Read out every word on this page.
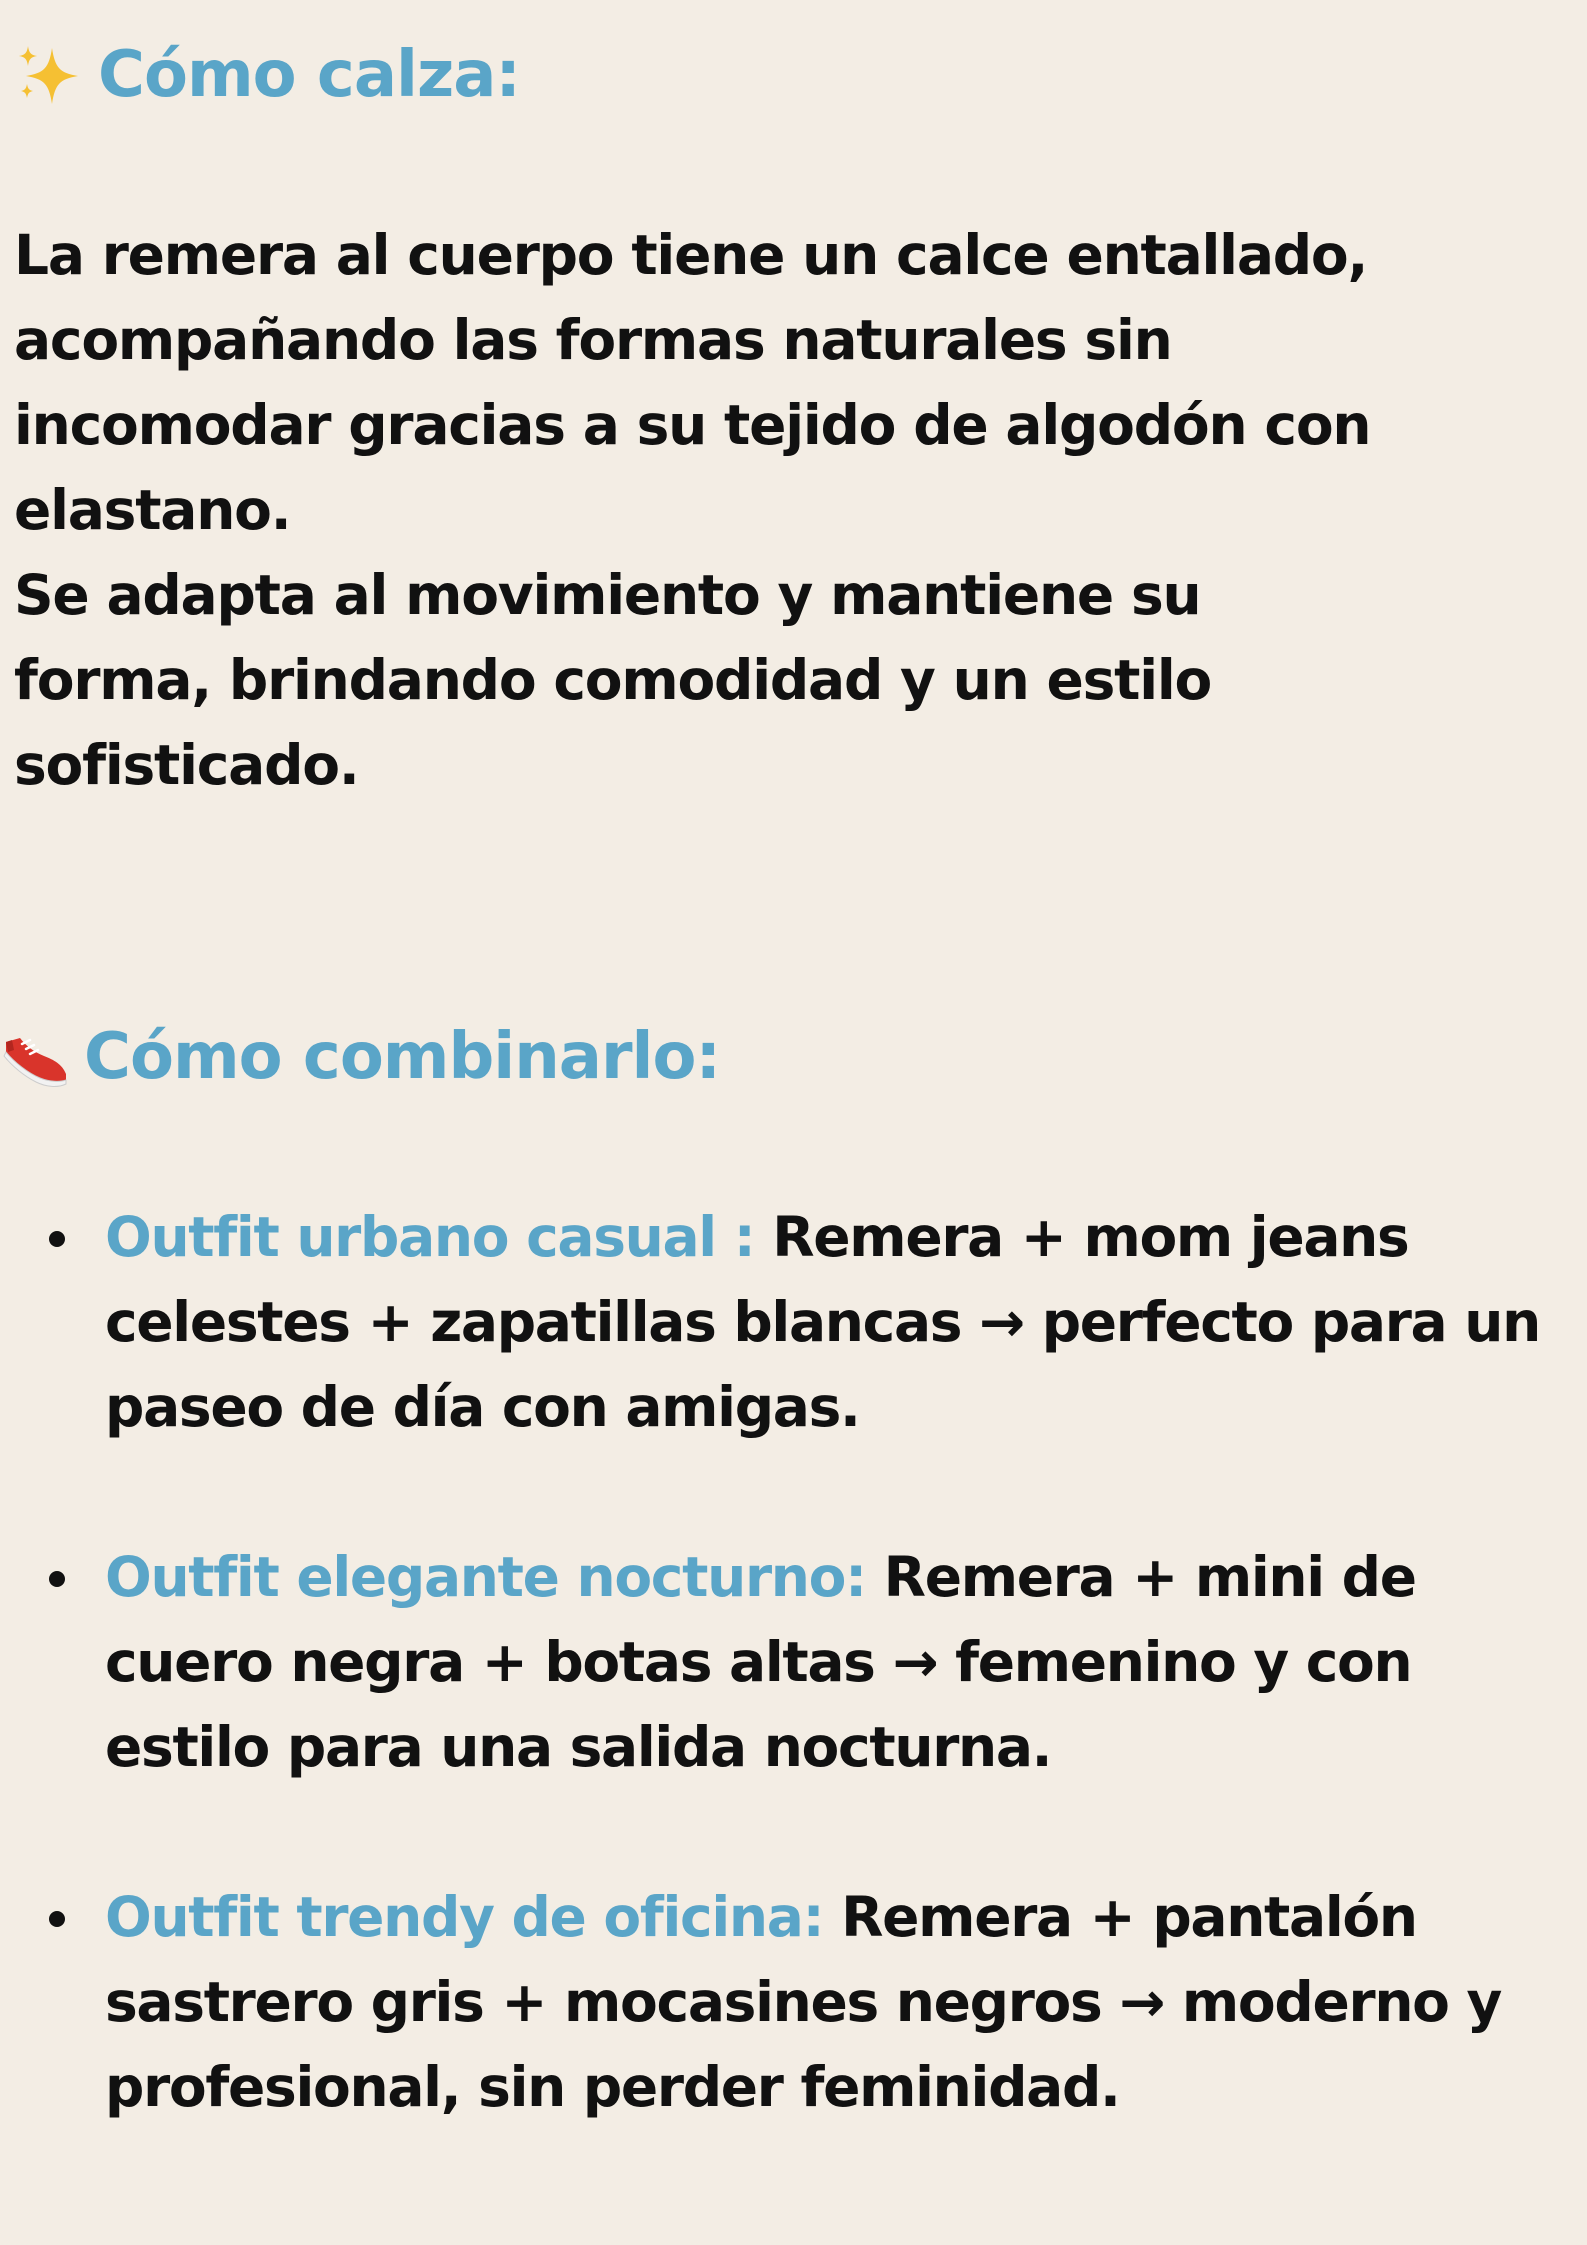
Cómo calza:

La remera al cuerpo tiene un calce entallado, acompañando las formas naturales sin incomodar gracias a su tejido de algodón con elastano.

Se adapta al movimiento y mantiene su forma, brindando comodidad y un estilo sofisticado.

Cómo combinarlo:
Outfit urbano casual : Remera + mom jeans celestes + zapatillas blancas → perfecto para un paseo de día con amigas.
Outfit elegante nocturno: Remera + mini de cuero negra + botas altas → femenino y con estilo para una salida nocturna.
Outfit trendy de oficina: Remera + pantalón sastrero gris + mocasines negros → moderno y profesional, sin perder feminidad.
